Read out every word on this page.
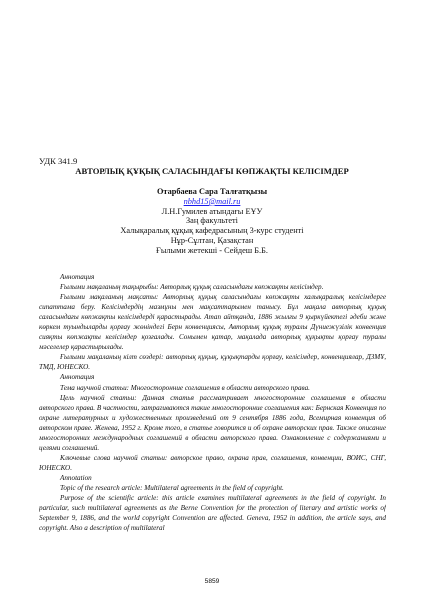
УДК 341.9
АВТОРЛЫҚ ҚҰҚЫҚ САЛАСЫНДАҒЫ КӨПЖАҚТЫ КЕЛІСІМДЕР
Отарбаева Сара Талғатқызы
nbhd15@mail.ru
Л.Н.Гумилев атындағы ЕҰУ
Заң факультеті
Халықаралық құқық кафедрасының 3-курс студенті
Нұр-Сұлтан, Қазақстан
Ғылыми жетекші - Сейдеш Б.Б.

Аннотация

Ғылыми мақаланың тақырыбы: Авторлық құқық саласындағы көпжақты келісімдер.

Ғылыми мақаланың мақсаты: Авторлық құқық саласындағы көпжақты халықаралық келісімдерге сипаттама беру. Келісімдердің мазмұны мен мақсаттарымен танысу. Бұл мақала авторлық құқық саласындағы көпжақты келісімдерді қарастырады. Атап айтқанда, 1886 жылғы 9 қыркүйектегі әдеби және көркем туындыларды қорғау жөніндегі Берн конвенциясы, Авторлық құқық туралы Дүниежүзілік конвенция сияқты көпжақты келісімдер қозғалады. Сонымен қатар, мақалада авторлық құқықты қорғау туралы мәселелер қарастырылады.

Ғылыми мақаланың кілт сөздері: авторлық құқық, құқықтарды қорғау, келісімдер, конвенциялар, ДЗМҰ, ТМД, ЮНЕСКО.

Аннотация

Тема научной статьи: Многосторонние соглашения в области авторского права.

Цель научной статьи: Данная статья рассматривает многосторонние соглашения в области авторского права. В частности, затрагиваются такие многосторонние соглашения как: Бернская Конвенция по охране литературных и художественных произведений от 9 сентября 1886 года, Всемирная конвенция об авторском праве. Женева, 1952 г. Кроме того, в статье говорится и об охране авторских прав. Также описание многосторонних международных соглашений в области авторского права. Ознакомление с содержаниями и целями соглашений.

Ключевые слова научной статьи: авторское право, охрана прав, соглашения, конвенции, ВОИС, СНГ, ЮНЕСКО.

Annotation

Topic of the research article: Multilateral agreements in the field of copyright.

Purpose of the scientific article: this article examines multilateral agreements in the field of copyright. In particular, such multilateral agreements as the Berne Convention for the protection of literary and artistic works of September 9, 1886, and the world copyright Convention are affected. Geneva, 1952 in addition, the article says, and copyright. Also a description of multilateral

5859
